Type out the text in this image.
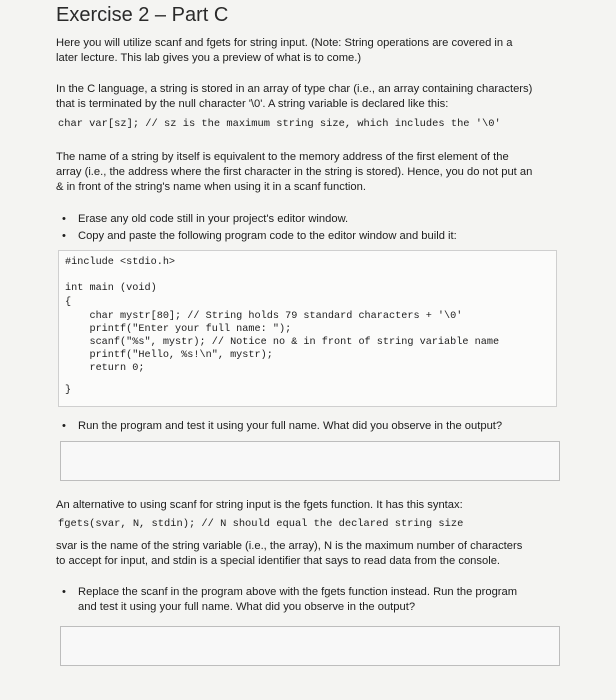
Exercise 2 – Part C
Here you will utilize scanf and fgets for string input. (Note: String operations are covered in a
later lecture. This lab gives you a preview of what is to come.)
In the C language, a string is stored in an array of type char (i.e., an array containing characters)
that is terminated by the null character '\0'. A string variable is declared like this:
char var[sz]; // sz is the maximum string size, which includes the '\0'
The name of a string by itself is equivalent to the memory address of the first element of the
array (i.e., the address where the first character in the string is stored). Hence, you do not put an
& in front of the string's name when using it in a scanf function.
• Erase any old code still in your project's editor window.
• Copy and paste the following program code to the editor window and build it:
#include <stdio.h>
int main (void)
{
char mystr[80]; // String holds 79 standard characters + '\0'
printf("Enter your full name: ");
scanf("%s", mystr); // Notice no & in front of string variable name
printf("Hello, %s!\n", mystr);
return 0;
}
• Run the program and test it using your full name. What did you observe in the output?
An alternative to using scanf for string input is the fgets function. It has this syntax:
fgets(svar, N, stdin); // N should equal the declared string size
svar is the name of the string variable (i.e., the array), N is the maximum number of characters
to accept for input, and stdin is a special identifier that says to read data from the console.
• Replace the scanf in the program above with the fgets function instead. Run the program
and test it using your full name. What did you observe in the output?
